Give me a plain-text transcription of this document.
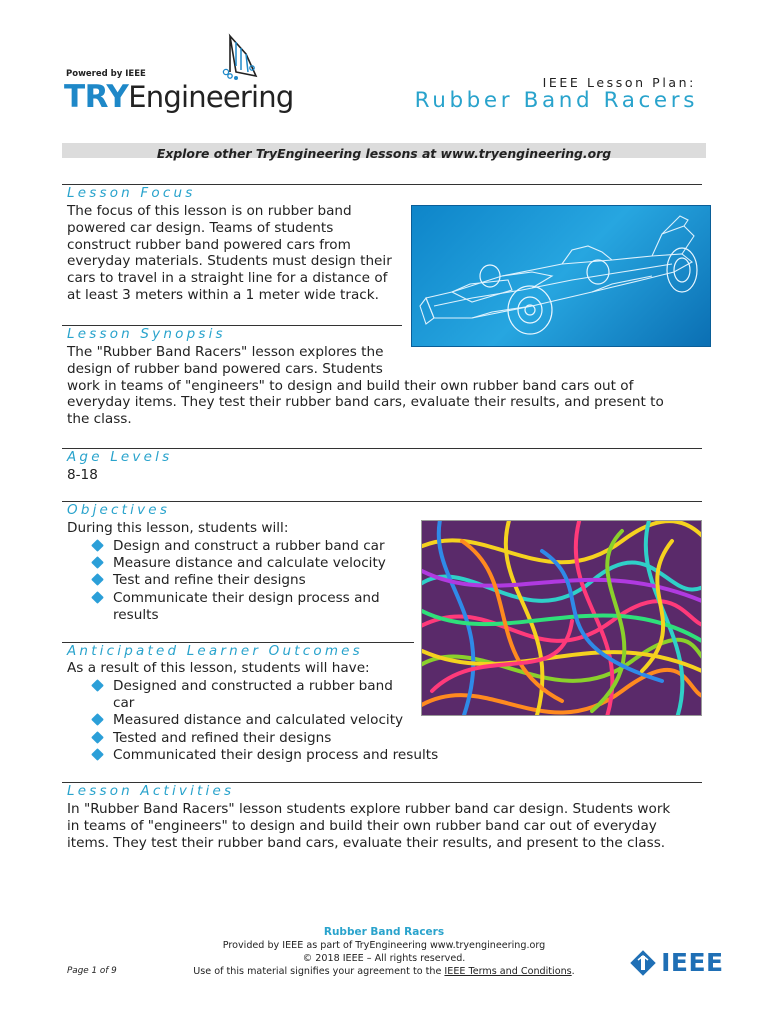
Powered by IEEE
TRYEngineering	IEEE Lesson Plan:
Rubber Band Racers
Explore other TryEngineering lessons at www.tryengineering.org
Lesson Focus
The focus of this lesson is on rubber band
powered car design. Teams of students
construct rubber band powered cars from
everyday materials. Students must design their
cars to travel in a straight line for a distance of
at least 3 meters within a 1 meter wide track.
Lesson Synopsis
The "Rubber Band Racers" lesson explores the
design of rubber band powered cars. Students
work in teams of "engineers" to design and build their own rubber band cars out of
everyday items. They test their rubber band cars, evaluate their results, and present to
the class.
Age Levels
8-18
Objectives
During this lesson, students will:
Design and construct a rubber band car
Measure distance and calculate velocity
Test and refine their designs
Communicate their design process and results
Anticipated Learner Outcomes
As a result of this lesson, students will have:
Designed and constructed a rubber band car
Measured distance and calculated velocity
Tested and refined their designs
Communicated their design process and results
Lesson Activities
In "Rubber Band Racers" lesson students explore rubber band car design. Students work
in teams of "engineers" to design and build their own rubber band car out of everyday
items. They test their rubber band cars, evaluate their results, and present to the class.
Rubber Band Racers
Provided by IEEE as part of TryEngineering www.tryengineering.org
© 2018 IEEE – All rights reserved.
Use of this material signifies your agreement to the IEEE Terms and Conditions.
Page 1 of 9	IEEE
